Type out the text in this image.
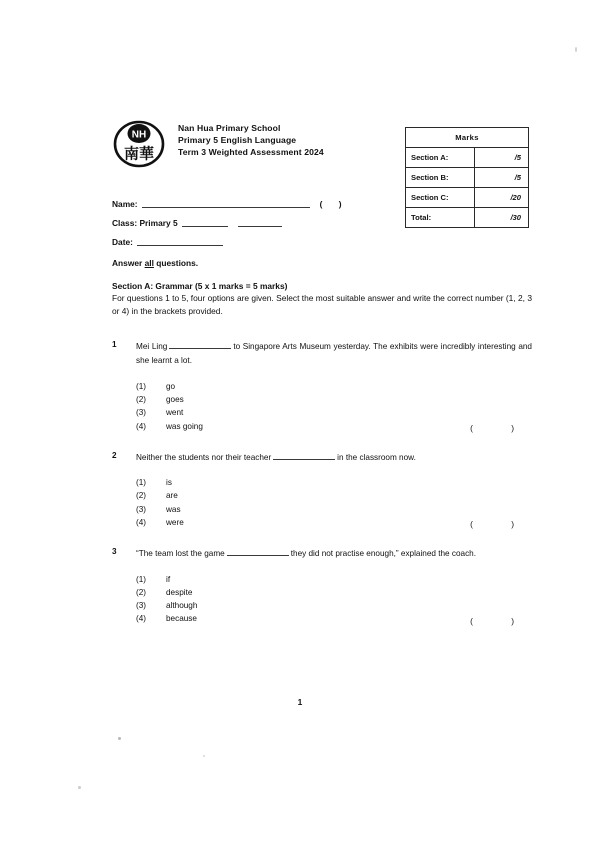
NH
南華
Nan Hua Primary School
Primary 5 English Language
Term 3 Weighted Assessment 2024
Marks	
Section A:	/5
Section B:	/5
Section C:	/20
Total:	/30
Name:	( )
Class: Primary 5
Date:
Answer all questions.
Section A: Grammar (5 x 1 marks = 5 marks)
For questions 1 to 5, four options are given. Select the most suitable answer and write the correct number (1, 2, 3 or 4) in the brackets provided.
1	Mei Ling	to Singapore Arts Museum yesterday. The exhibits were incredibly interesting and she learnt a lot.
(1)	go
(2)	goes
(3)	went
(4)	was going	( )
2	Neither the students nor their teacher	in the classroom now.
(1)	is
(2)	are
(3)	was
(4)	were	( )
3	“The team lost the game	they did not practise enough,” explained the coach.
(1)	if
(2)	despite
(3)	although
(4)	because	( )
1
